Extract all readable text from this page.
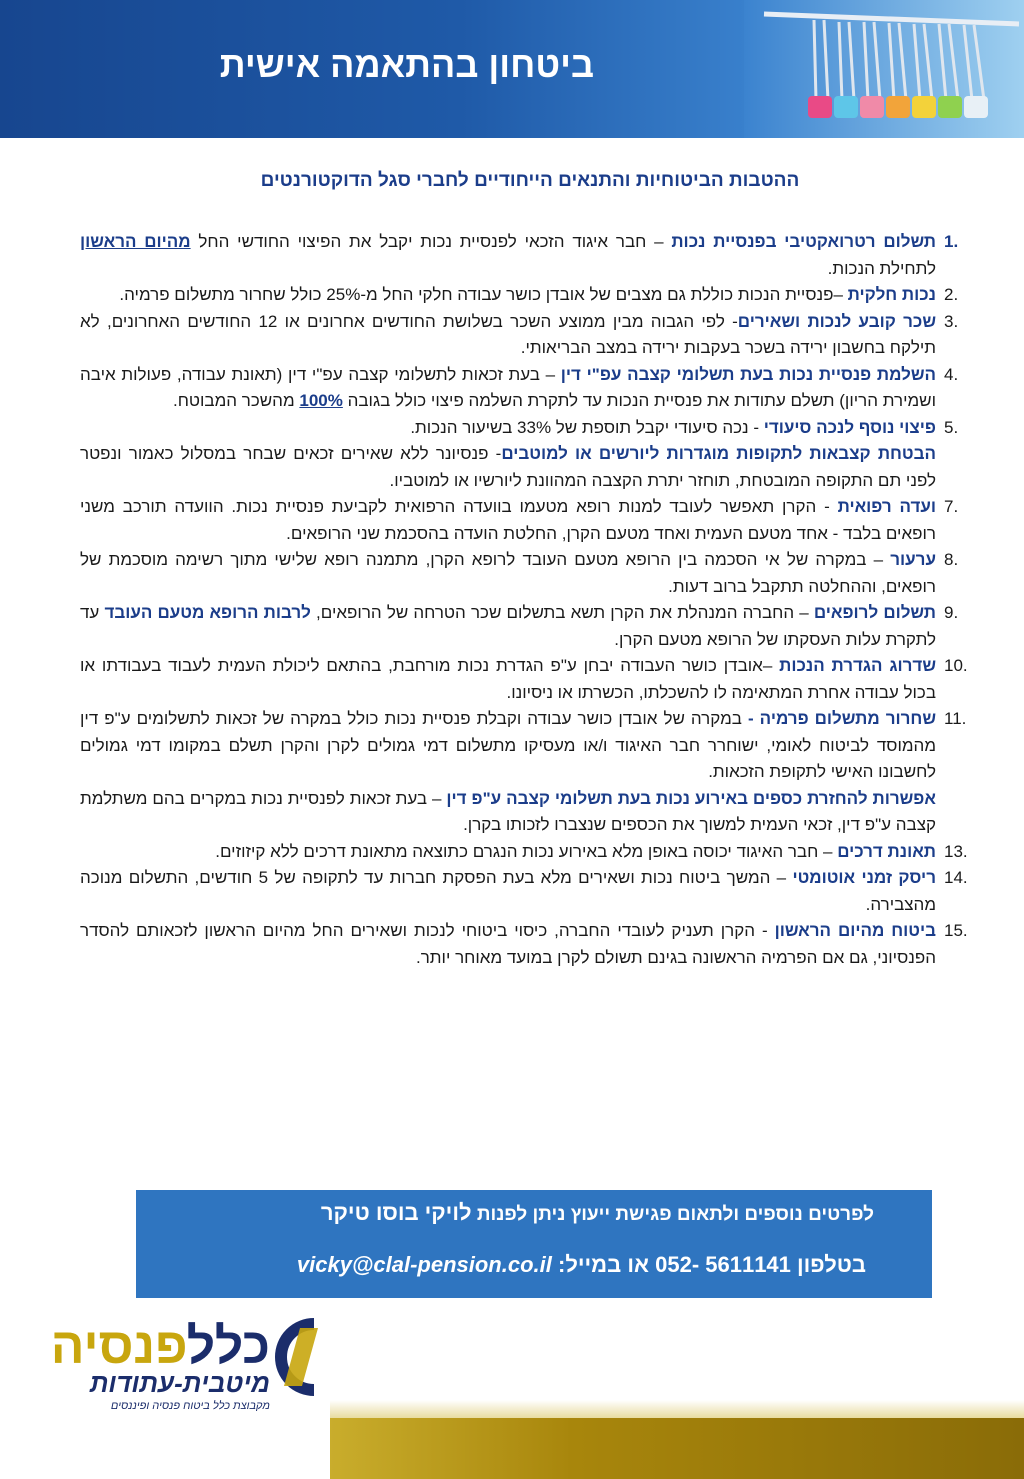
ביטחון בהתאמה אישית
ההטבות הביטוחיות והתנאים הייחודיים לחברי סגל הדוקטורנטים
1.
תשלום רטרואקטיבי בפנסיית נכות – חבר איגוד הזכאי לפנסיית נכות יקבל את הפיצוי החודשי החל מהיום הראשון לתחילת הנכות.
2.
נכות חלקית –פנסיית הנכות כוללת גם מצבים של אובדן כושר עבודה חלקי החל מ-25% כולל שחרור מתשלום פרמיה.
3.
שכר קובע לנכות ושאירים- לפי הגבוה מבין ממוצע השכר בשלושת החודשים אחרונים או 12 החודשים האחרונים, לא תילקח בחשבון ירידה בשכר בעקבות ירידה במצב הבריאותי.
4.
השלמת פנסיית נכות בעת תשלומי קצבה עפ"י דין – בעת זכאות לתשלומי קצבה עפ"י דין (תאונת עבודה, פעולות איבה ושמירת הריון) תשלם עתודות את פנסיית הנכות עד לתקרת השלמה פיצוי כולל בגובה 100% מהשכר המבוטח.
5.
פיצוי נוסף לנכה סיעודי - נכה סיעודי יקבל תוספת של 33% בשיעור הנכות.
הבטחת קצבאות לתקופות מוגדרות ליורשים או למוטבים- פנסיונר ללא שאירים זכאים שבחר במסלול כאמור ונפטר לפני תם התקופה המובטחת, תוחזר יתרת הקצבה המהוונת ליורשיו או למוטביו.
7.
ועדה רפואית - הקרן תאפשר לעובד למנות רופא מטעמו בוועדה הרפואית לקביעת פנסיית נכות. הוועדה תורכב משני רופאים בלבד - אחד מטעם העמית ואחד מטעם הקרן, החלטת הועדה בהסכמת שני הרופאים.
8.
ערעור – במקרה של אי הסכמה בין הרופא מטעם העובד לרופא הקרן, מתמנה רופא שלישי מתוך רשימה מוסכמת של רופאים, וההחלטה תתקבל ברוב דעות.
9.
תשלום לרופאים – החברה המנהלת את הקרן תשא בתשלום שכר הטרחה של הרופאים, לרבות הרופא מטעם העובד עד לתקרת עלות העסקתו של הרופא מטעם הקרן.
10.
שדרוג הגדרת הנכות –אובדן כושר העבודה יבחן ע"פ הגדרת נכות מורחבת, בהתאם ליכולת העמית לעבוד בעבודתו או בכול עבודה אחרת המתאימה לו להשכלתו, הכשרתו או ניסיונו.
11.
שחרור מתשלום פרמיה - במקרה של אובדן כושר עבודה וקבלת פנסיית נכות כולל במקרה של זכאות לתשלומים ע"פ דין מהמוסד לביטוח לאומי, ישוחרר חבר האיגוד ו/או מעסיקו מתשלום דמי גמולים לקרן והקרן תשלם במקומו דמי גמולים לחשבונו האישי לתקופת הזכאות.
אפשרות להחזרת כספים באירוע נכות בעת תשלומי קצבה ע"פ דין – בעת זכאות לפנסיית נכות במקרים בהם משתלמת קצבה ע"פ דין, זכאי העמית למשוך את הכספים שנצברו לזכותו בקרן.
13.
תאונת דרכים – חבר האיגוד יכוסה באופן מלא באירוע נכות הנגרם כתוצאה מתאונת דרכים ללא קיזוזים.
14.
ריסק זמני אוטומטי – המשך ביטוח נכות ושאירים מלא בעת הפסקת חברות עד לתקופה של 5 חודשים, התשלום מנוכה מהצבירה.
15.
ביטוח מהיום הראשון - הקרן תעניק לעובדי החברה, כיסוי ביטוחי לנכות ושאירים החל מהיום הראשון לזכאותם להסדר הפנסיוני, גם אם הפרמיה הראשונה בגינם תשולם לקרן במועד מאוחר יותר.
לפרטים נוספים ולתאום פגישת ייעוץ ניתן לפנות לויקי בוסו טיקר
בטלפון 052- 5611141 או במייל: vicky@clal-pension.co.il
כללפנסיה
מיטבית-עתודות
מקבוצת כלל ביטוח פנסיה ופיננסים
